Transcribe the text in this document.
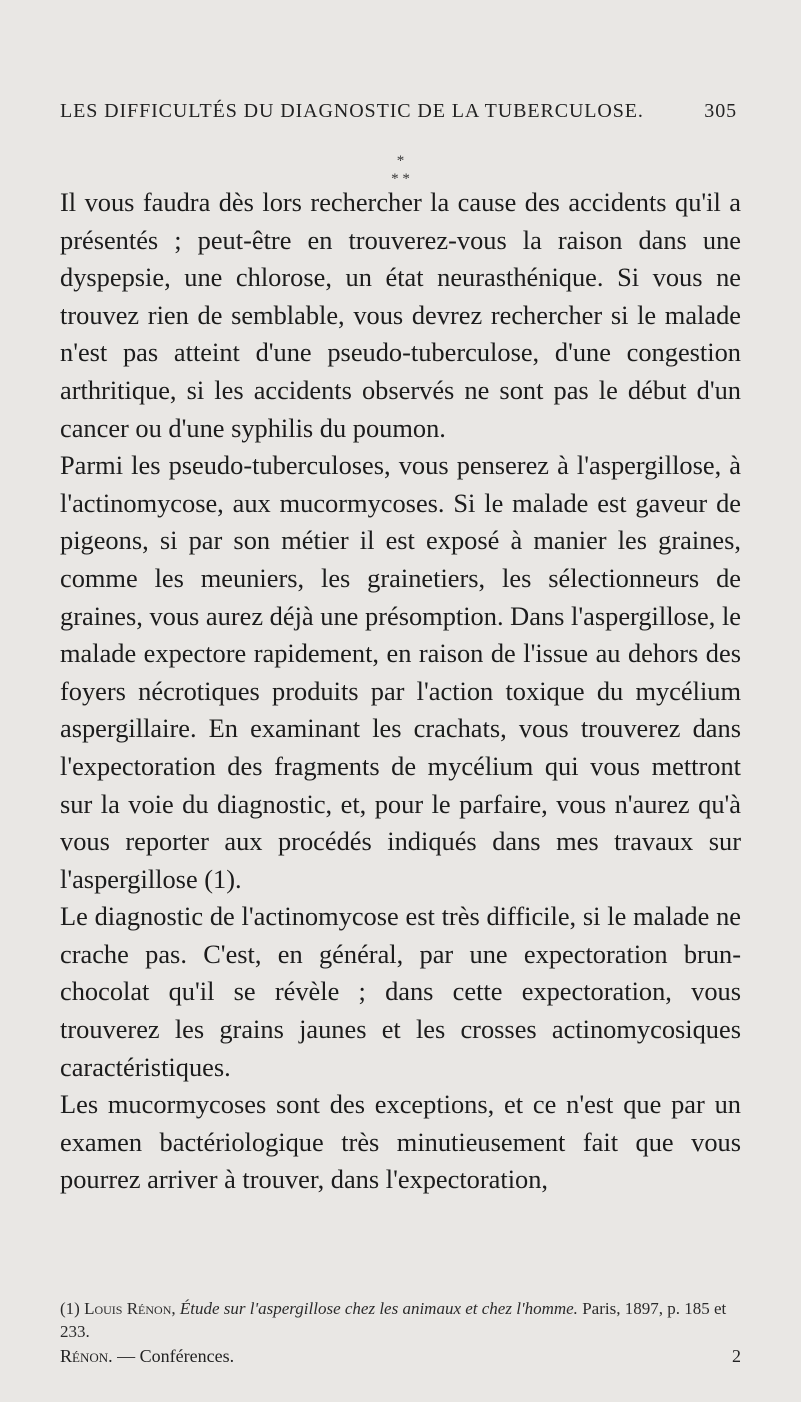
LES DIFFICULTÉS DU DIAGNOSTIC DE LA TUBERCULOSE.	305
*
* *

Il vous faudra dès lors rechercher la cause des accidents qu'il a présentés ; peut-être en trouverez-vous la raison dans une dyspepsie, une chlorose, un état neurasthénique. Si vous ne trouvez rien de semblable, vous devrez rechercher si le malade n'est pas atteint d'une pseudo-tuberculose, d'une congestion arthritique, si les accidents observés ne sont pas le début d'un cancer ou d'une syphilis du poumon.

Parmi les pseudo-tuberculoses, vous penserez à l'aspergillose, à l'actinomycose, aux mucormycoses. Si le malade est gaveur de pigeons, si par son métier il est exposé à manier les graines, comme les meuniers, les grainetiers, les sélectionneurs de graines, vous aurez déjà une présomption. Dans l'aspergillose, le malade expectore rapidement, en raison de l'issue au dehors des foyers nécrotiques produits par l'action toxique du mycélium aspergillaire. En examinant les crachats, vous trouverez dans l'expectoration des fragments de mycélium qui vous mettront sur la voie du diagnostic, et, pour le parfaire, vous n'aurez qu'à vous reporter aux procédés indiqués dans mes travaux sur l'aspergillose (1).

Le diagnostic de l'actinomycose est très difficile, si le malade ne crache pas. C'est, en général, par une expectoration brun-chocolat qu'il se révèle ; dans cette expectoration, vous trouverez les grains jaunes et les crosses actinomycosiques caractéristiques.

Les mucormycoses sont des exceptions, et ce n'est que par un examen bactériologique très minutieusement fait que vous pourrez arriver à trouver, dans l'expectoration,

(1) Louis Rénon, Étude sur l'aspergillose chez les animaux et chez l'homme. Paris, 1897, p. 185 et 233.
Rénon. — Conférences.	2
